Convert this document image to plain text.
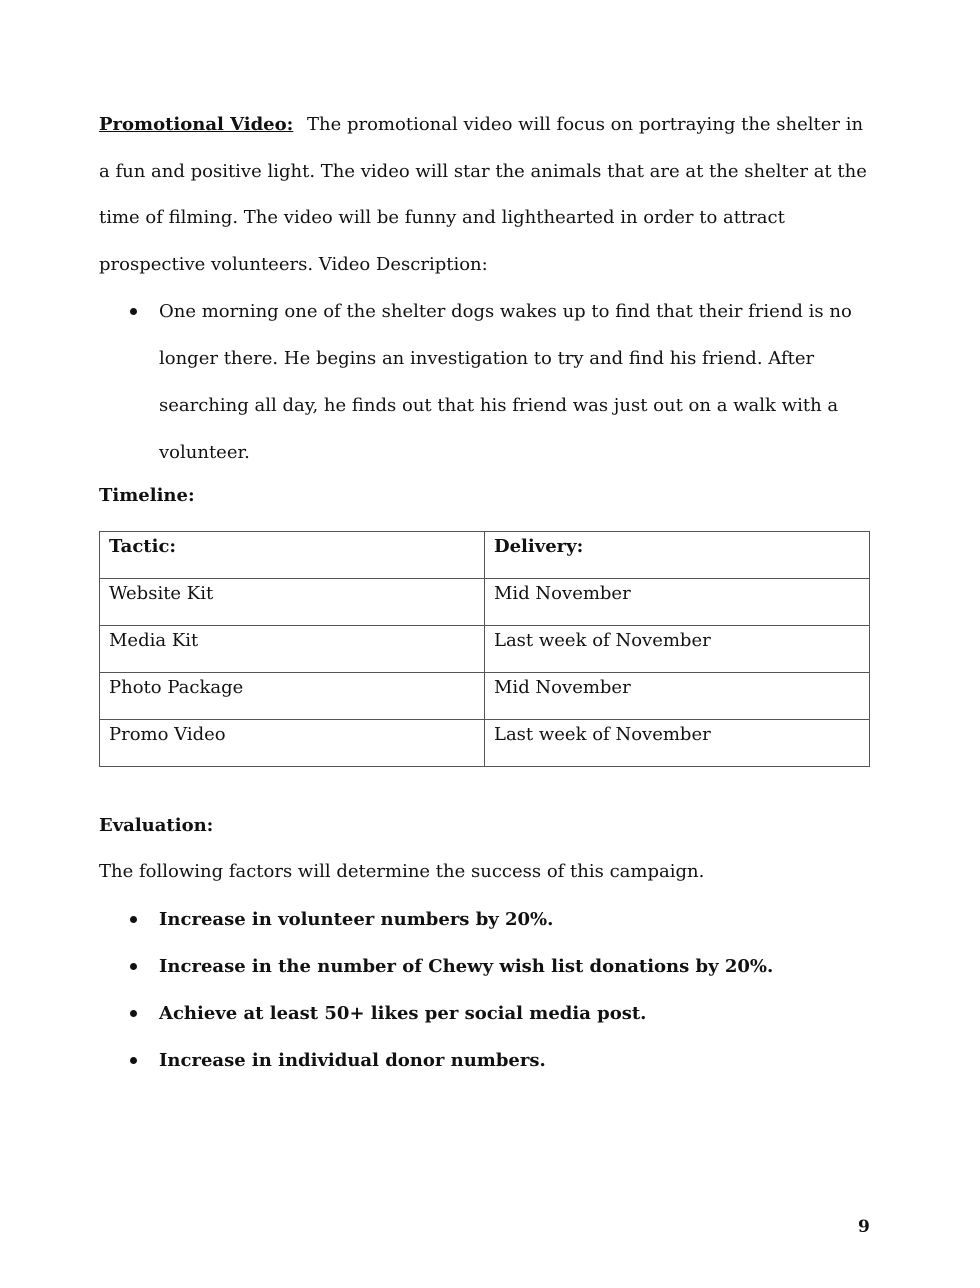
Promotional Video: The promotional video will focus on portraying the shelter in a fun and positive light. The video will star the animals that are at the shelter at the time of filming. The video will be funny and lighthearted in order to attract prospective volunteers. Video Description:

One morning one of the shelter dogs wakes up to find that their friend is no longer there. He begins an investigation to try and find his friend. After searching all day, he finds out that his friend was just out on a walk with a volunteer.

Timeline:

Tactic:	Delivery:
Website Kit	Mid November
Media Kit	Last week of November
Photo Package	Mid November
Promo Video	Last week of November

Evaluation:

The following factors will determine the success of this campaign.

Increase in volunteer numbers by 20%.
Increase in the number of Chewy wish list donations by 20%.
Achieve at least 50+ likes per social media post.
Increase in individual donor numbers.
9
